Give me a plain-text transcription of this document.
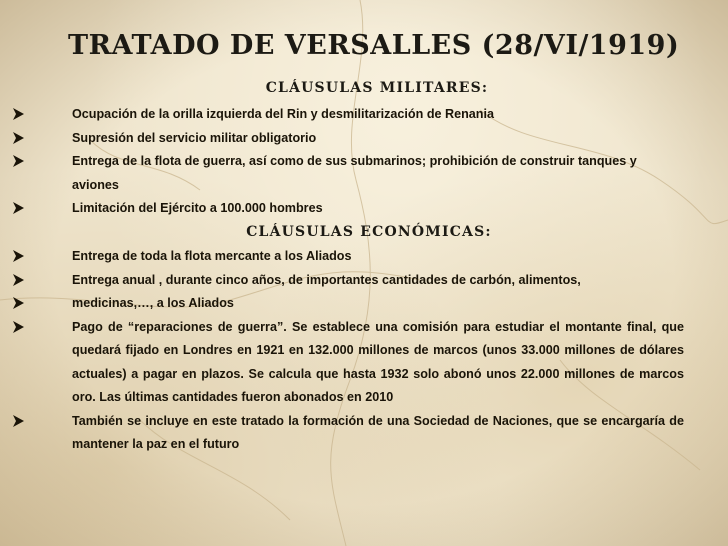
TRATADO DE VERSALLES (28/VI/1919)
CLÁUSULAS MILITARES:
Ocupación de la orilla izquierda del Rin y desmilitarización de Renania
Supresión del servicio militar obligatorio
Entrega de la flota de guerra, así como de sus submarinos; prohibición de construir tanques y aviones
Limitación del Ejército a 100.000 hombres
CLÁUSULAS ECONÓMICAS:
Entrega de toda la flota mercante a los Aliados
Entrega anual , durante cinco años, de importantes cantidades de carbón, alimentos,
medicinas,…, a los Aliados
Pago de “reparaciones de guerra”. Se establece una comisión para estudiar el montante final, que quedará fijado en Londres en 1921 en 132.000 millones de marcos (unos 33.000 millones de dólares actuales) a pagar en plazos. Se calcula que hasta 1932 solo abonó unos 22.000 millones de marcos oro. Las últimas cantidades fueron abonados en 2010
También se incluye en este tratado la formación de una Sociedad de Naciones, que se encargaría de mantener la paz en el futuro
